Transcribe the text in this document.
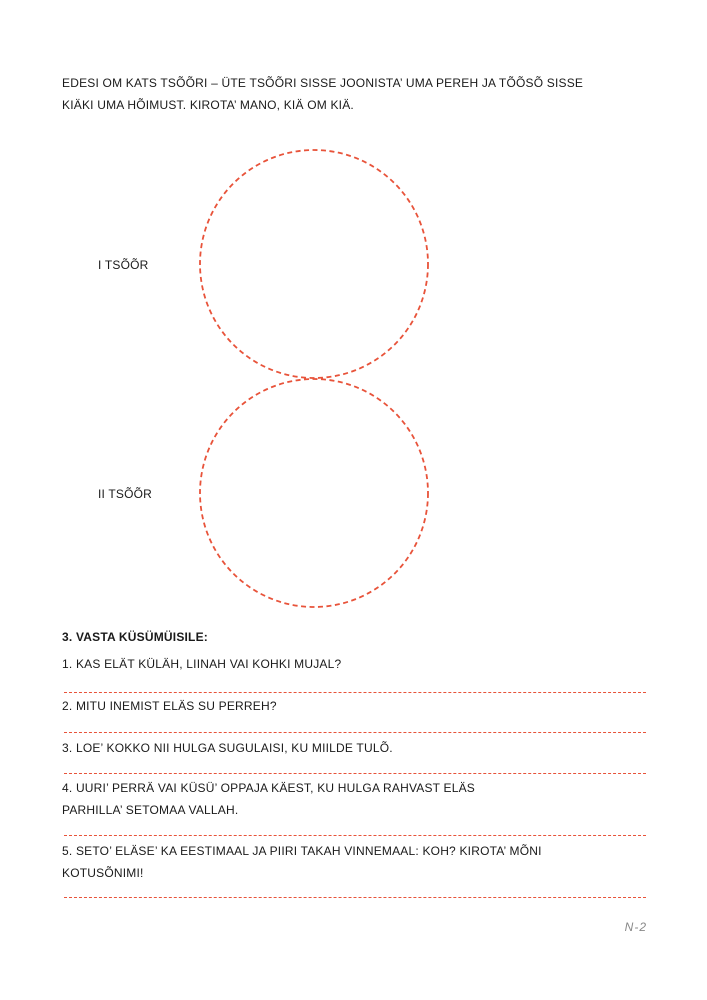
EDESI OM KATS TSÕÕRI – ÜTE TSÕÕRI SISSE JOONISTA’ UMA PEREH JA TÕÕSÕ SISSE
KIÄKI UMA HÕIMUST. KIROTA’ MANO, KIÄ OM KIÄ.
I TSÕÕR
II TSÕÕR
3. VASTA KÜSÜMÜISILE:
1. KAS ELÄT KÜLÄH, LIINAH VAI KOHKI MUJAL?
2. MITU INEMIST ELÄS SU PERREH?
3. LOE’ KOKKO NII HULGA SUGULAISI, KU MIILDE TULÕ.
4. UURI’ PERRÄ VAI KÜSÜ’ OPPAJA KÄEST, KU HULGA RAHVAST ELÄS
PARHILLA’ SETOMAA VALLAH.
5. SETO’ ELÄSE’ KA EESTIMAAL JA PIIRI TAKAH VINNEMAAL: KOH? KIROTA’ MÕNI
KOTUSÕNIMI!
N-2
